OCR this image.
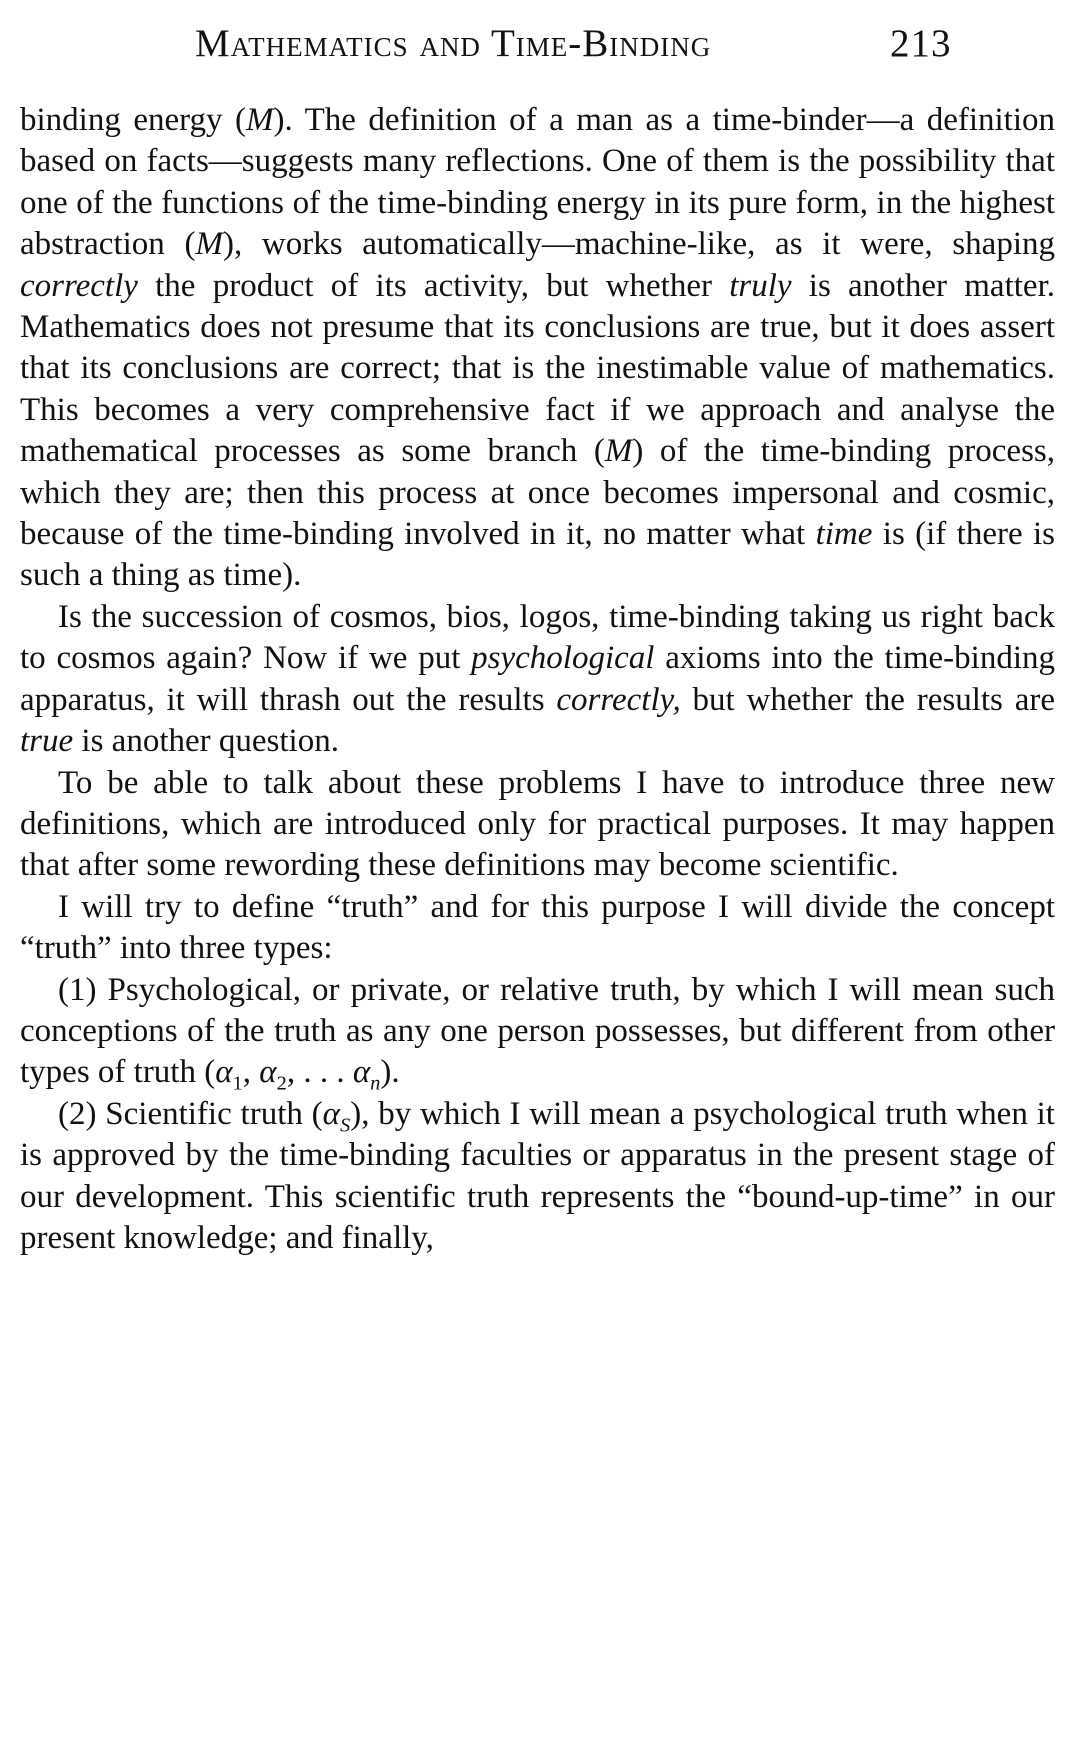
Mathematics and Time-Binding	213

binding energy (M). The definition of a man as a time-binder—a definition based on facts—suggests many reflections. One of them is the possibility that one of the functions of the time-binding energy in its pure form, in the highest abstraction (M), works automatically—machine-like, as it were, shaping correctly the product of its activity, but whether truly is another matter. Mathematics does not presume that its conclusions are true, but it does assert that its conclusions are correct; that is the inestimable value of mathematics. This becomes a very comprehensive fact if we approach and analyse the mathematical processes as some branch (M) of the time-binding process, which they are; then this process at once becomes impersonal and cosmic, because of the time-binding involved in it, no matter what time is (if there is such a thing as time).

Is the succession of cosmos, bios, logos, time-binding taking us right back to cosmos again? Now if we put psychological axioms into the time-binding apparatus, it will thrash out the results correctly, but whether the results are true is another question.

To be able to talk about these problems I have to introduce three new definitions, which are introduced only for practical purposes. It may happen that after some rewording these definitions may become scientific.

I will try to define “truth” and for this purpose I will divide the concept “truth” into three types:

(1) Psychological, or private, or relative truth, by which I will mean such conceptions of the truth as any one person possesses, but different from other types of truth ($\alpha_1$, $\alpha_2$, . . . $\alpha_n$).

(2) Scientific truth $(\alpha_S)$, by which I will mean a psychological truth when it is approved by the time-binding faculties or apparatus in the present stage of our development. This scientific truth represents the “bound-up-time” in our present knowledge; and finally,
